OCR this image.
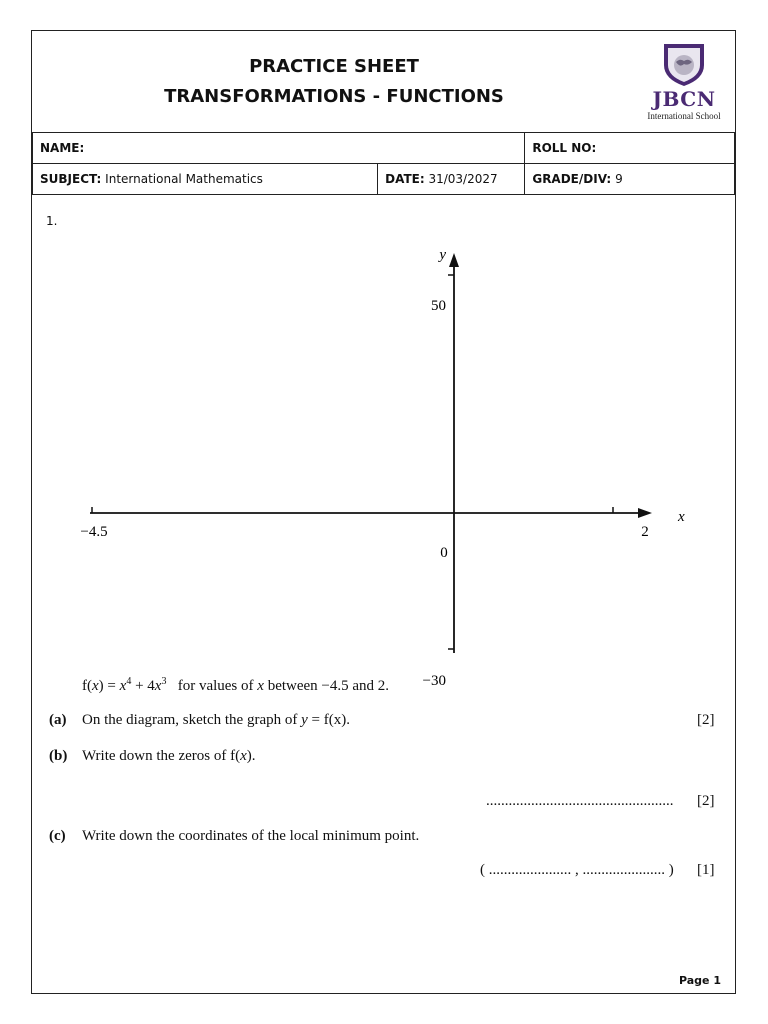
PRACTICE SHEET
TRANSFORMATIONS - FUNCTIONS	JBCN
International School
NAME:		ROLL NO:
SUBJECT: International Mathematics	DATE: 31/03/2027	GRADE/DIV: 9
1.
y
x
−4.5	2
0
50
−30
$f(x) = x^4 + 4x^3$   for values of x between −4.5 and 2.
(a) On the diagram, sketch the graph of y = f(x).	[2]
(b) Write down the zeros of f(x).
.................................................. [2]
(c) Write down the coordinates of the local minimum point.
( ...................... , ...................... ) [1]
Page 1
